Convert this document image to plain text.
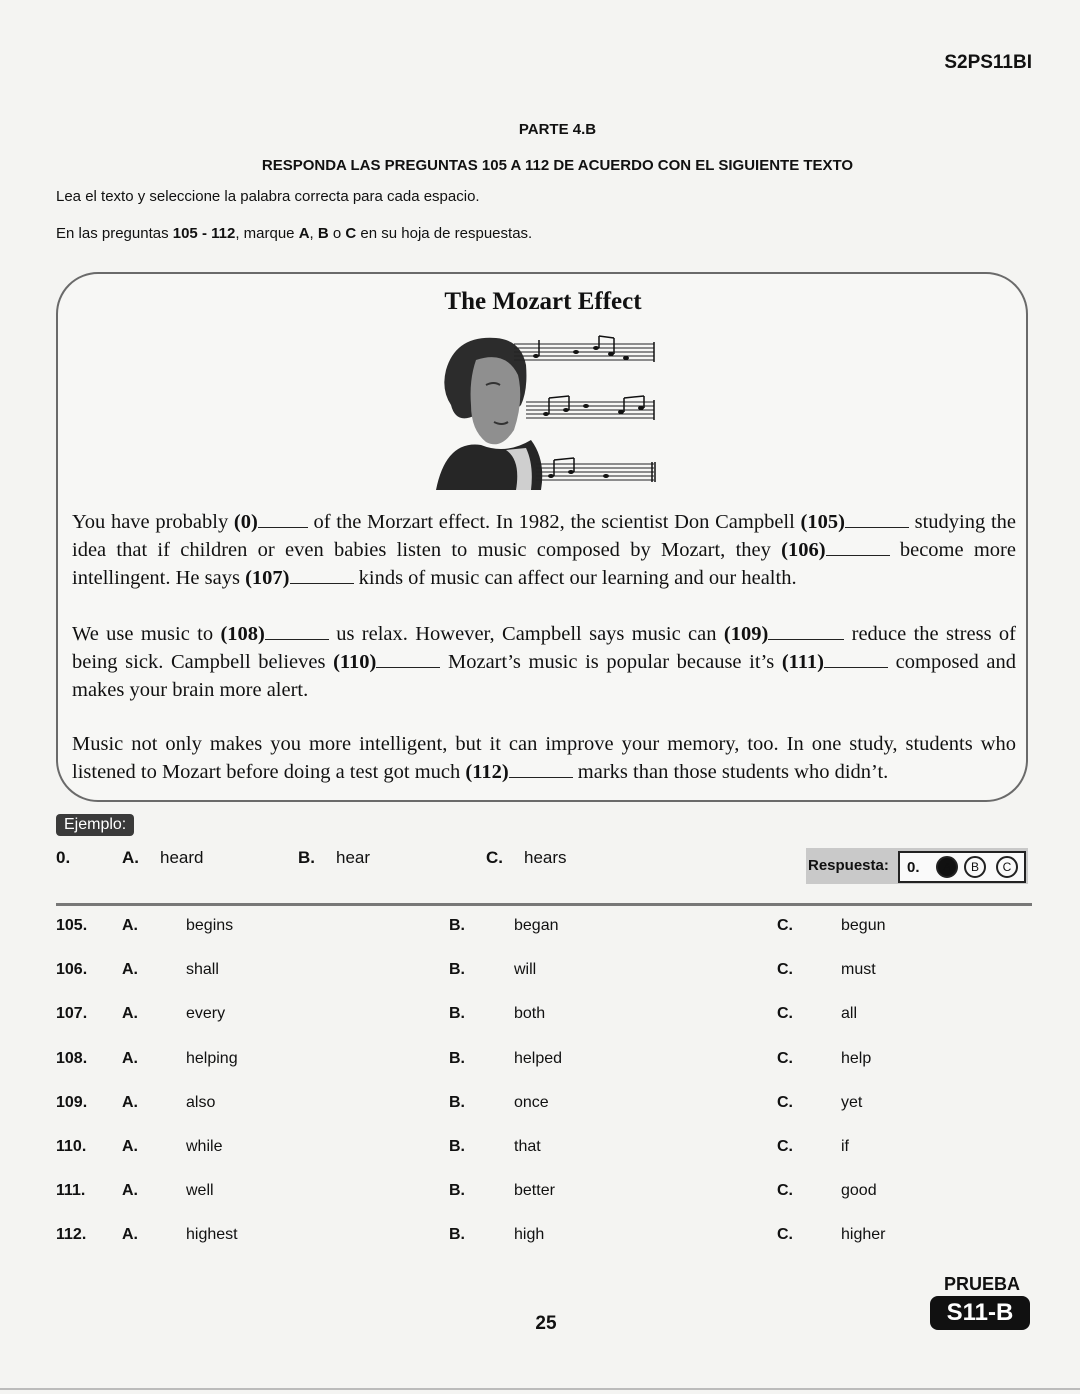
S2PS11BI
PARTE 4.B
RESPONDA LAS PREGUNTAS 105 A 112 DE ACUERDO CON EL SIGUIENTE TEXTO
Lea el texto y seleccione la palabra correcta para cada espacio.
En las preguntas 105 - 112, marque A, B o C en su hoja de respuestas.
The Mozart Effect
You have probably (0) of the Morzart effect. In 1982, the scientist Don Campbell (105)	studying the idea that if children or even babies listen to music composed by Mozart, they (106)	become more intellingent. He says (107)	kinds of music can affect our learning and our health.
We use music to (108)	us relax. However, Campbell says music can (109)	reduce the stress of being sick. Campbell believes (110)	Mozart’s music is popular because it’s (111)	composed and makes your brain more alert.
Music not only makes you more intelligent, but it can improve your memory, too. In one study, students who listened to Mozart before doing a test got much (112)	marks than those students who didn’t.
Ejemplo:
0.	A. heard	B. hear	C. hears	Respuesta: 0.	A	B	C
105. A.	begins	B.	began	C.	begun
106. A.	shall	B.	will	C.	must
107. A.	every	B.	both	C.	all
108. A.	helping	B.	helped	C.	help
109. A.	also	B.	once	C.	yet
110. A.	while	B.	that	C.	if
111. A.	well	B.	better	C.	good
112. A.	highest	B.	high	C.	higher
PRUEBA
S11-B
25
